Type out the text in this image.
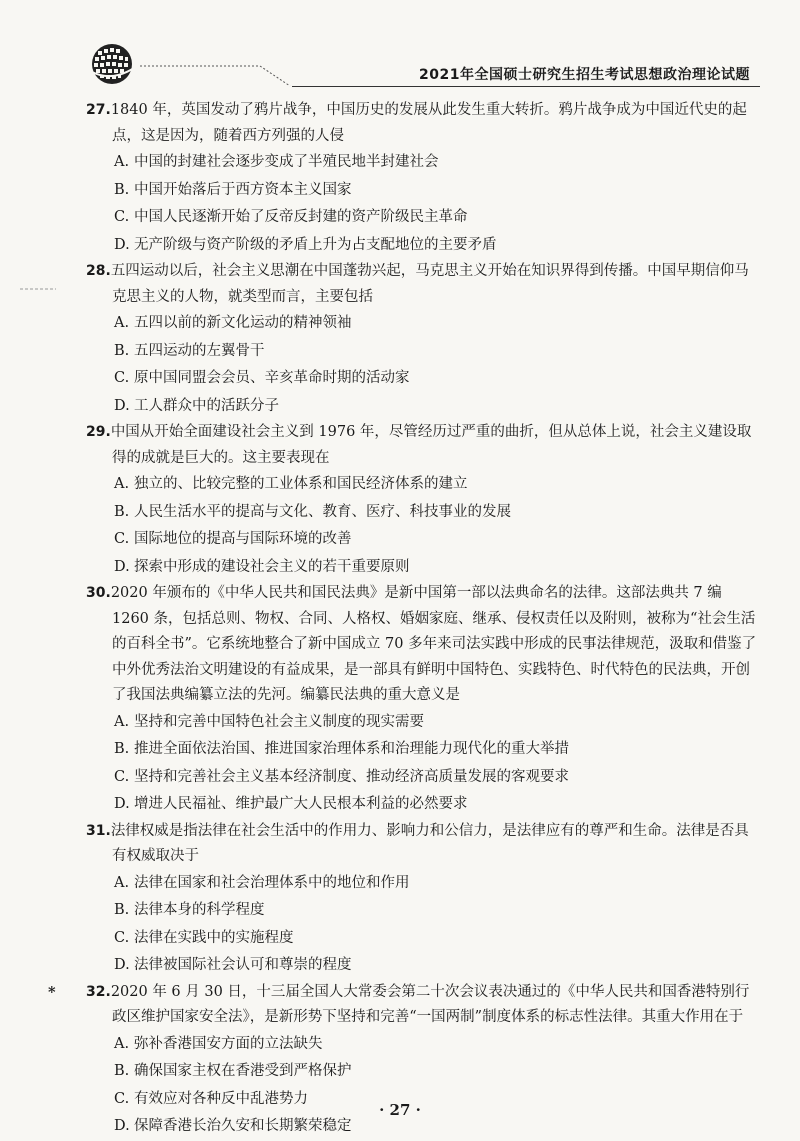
2021年全国硕士研究生招生考试思想政治理论试题
27.1840 年，英国发动了鸦片战争，中国历史的发展从此发生重大转折。鸦片战争成为中国近代史的起点，这是因为，随着西方列强的人侵
A. 中国的封建社会逐步变成了半殖民地半封建社会
B. 中国开始落后于西方资本主义国家
C. 中国人民逐渐开始了反帝反封建的资产阶级民主革命
D. 无产阶级与资产阶级的矛盾上升为占支配地位的主要矛盾
28.五四运动以后，社会主义思潮在中国蓬勃兴起，马克思主义开始在知识界得到传播。中国早期信仰马克思主义的人物，就类型而言，主要包括
A. 五四以前的新文化运动的精神领袖
B. 五四运动的左翼骨干
C. 原中国同盟会会员、辛亥革命时期的活动家
D. 工人群众中的活跃分子
29.中国从开始全面建设社会主义到 1976 年，尽管经历过严重的曲折，但从总体上说，社会主义建设取得的成就是巨大的。这主要表现在
A. 独立的、比较完整的工业体系和国民经济体系的建立
B. 人民生活水平的提高与文化、教育、医疗、科技事业的发展
C. 国际地位的提高与国际环境的改善
D. 探索中形成的建设社会主义的若干重要原则
30.2020 年颁布的《中华人民共和国民法典》是新中国第一部以法典命名的法律。这部法典共 7 编 1260 条，包括总则、物权、合同、人格权、婚姻家庭、继承、侵权责任以及附则，被称为“社会生活的百科全书”。它系统地整合了新中国成立 70 多年来司法实践中形成的民事法律规范，汲取和借鉴了中外优秀法治文明建设的有益成果，是一部具有鲜明中国特色、实践特色、时代特色的民法典，开创了我国法典编纂立法的先河。编纂民法典的重大意义是
A. 坚持和完善中国特色社会主义制度的现实需要
B. 推进全面依法治国、推进国家治理体系和治理能力现代化的重大举措
C. 坚持和完善社会主义基本经济制度、推动经济高质量发展的客观要求
D. 增进人民福祉、维护最广大人民根本利益的必然要求
31.法律权威是指法律在社会生活中的作用力、影响力和公信力，是法律应有的尊严和生命。法律是否具有权威取决于
A. 法律在国家和社会治理体系中的地位和作用
B. 法律本身的科学程度
C. 法律在实践中的实施程度
D. 法律被国际社会认可和尊崇的程度
*	32.2020 年 6 月 30 日，十三届全国人大常委会第二十次会议表决通过的《中华人民共和国香港特别行政区维护国家安全法》，是新形势下坚持和完善“一国两制”制度体系的标志性法律。其重大作用在于
A. 弥补香港国安方面的立法缺失
B. 确保国家主权在香港受到严格保护
C. 有效应对各种反中乱港势力
D. 保障香港长治久安和长期繁荣稳定
· 27 ·
